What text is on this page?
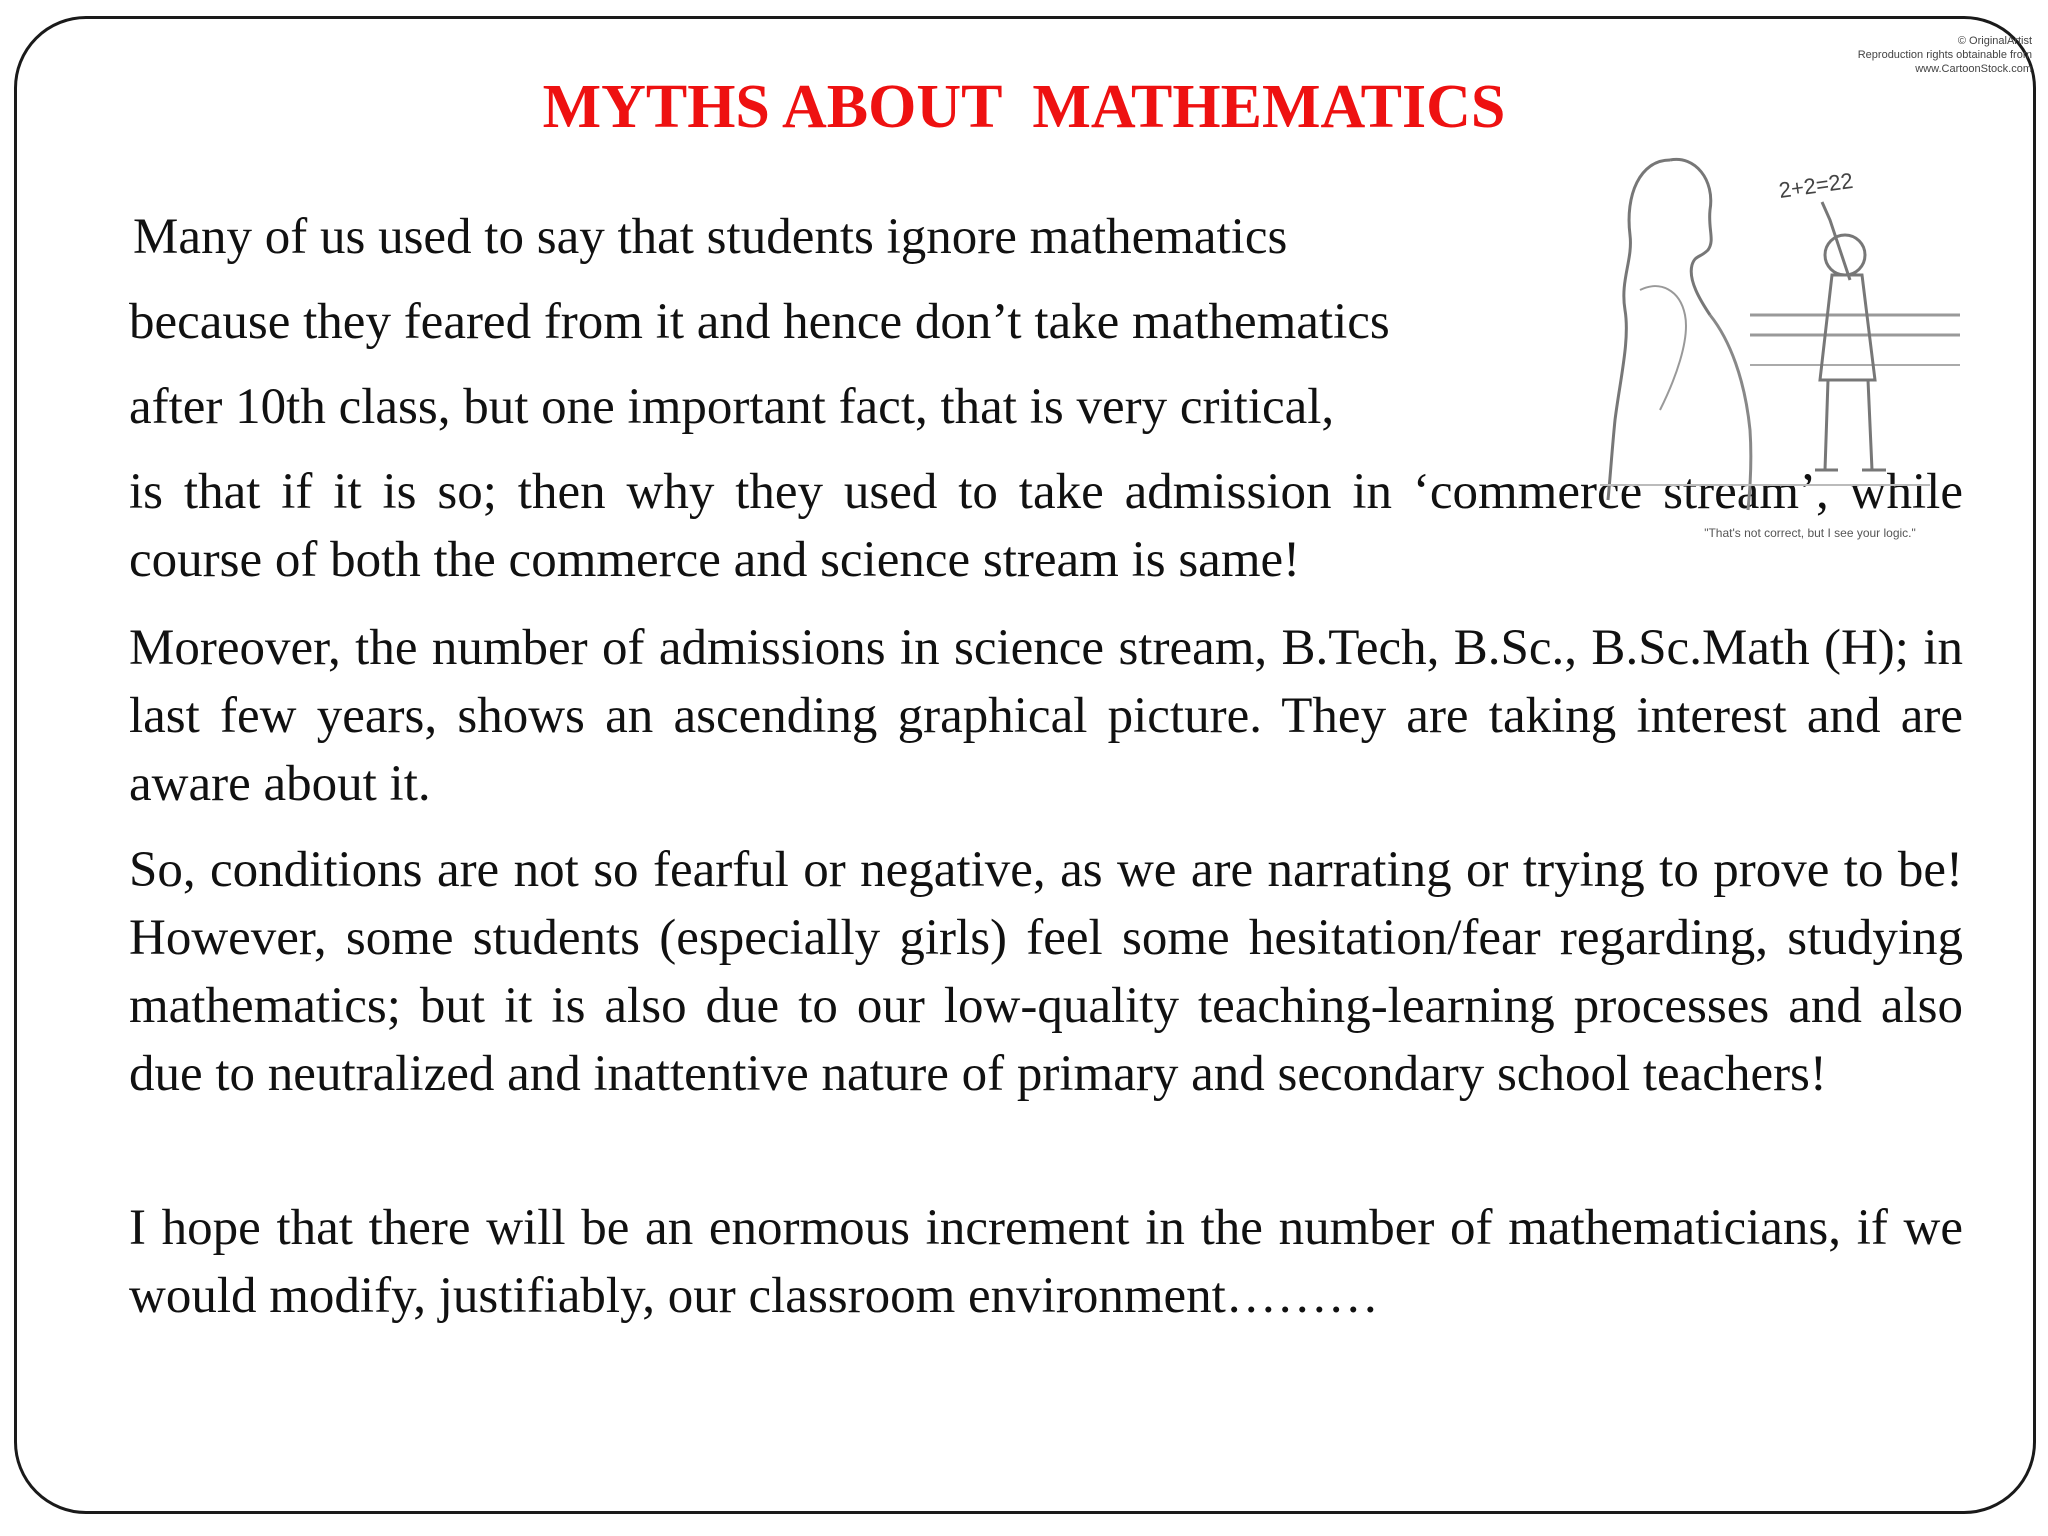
MYTHS ABOUT  MATHEMATICS
Many of us used to say that students ignore mathematics
because they feared from it and hence don’t take mathematics
after 10th class, but one important fact, that is very critical,

is that if it is so; then why they used to take admission in ‘commerce stream’, while course of both the commerce and science stream is same!

Moreover, the number of admissions in science stream, B.Tech, B.Sc., B.Sc.Math (H); in last few years, shows an ascending graphical picture. They are taking interest and are aware about it.

So, conditions are not so fearful or negative, as we are narrating or trying to prove to be! However, some students (especially girls) feel some hesitation/fear regarding, studying mathematics; but it is also due to our low-quality teaching-learning processes and also due to neutralized and inattentive nature of primary and secondary school teachers!

I hope that there will be an enormous increment in the number of mathematicians, if we would modify, justifiably, our classroom environment………

© OriginalArtist
Reproduction rights obtainable from
www.CartoonStock.com
2+2=22
"That's not correct, but I see your logic."
